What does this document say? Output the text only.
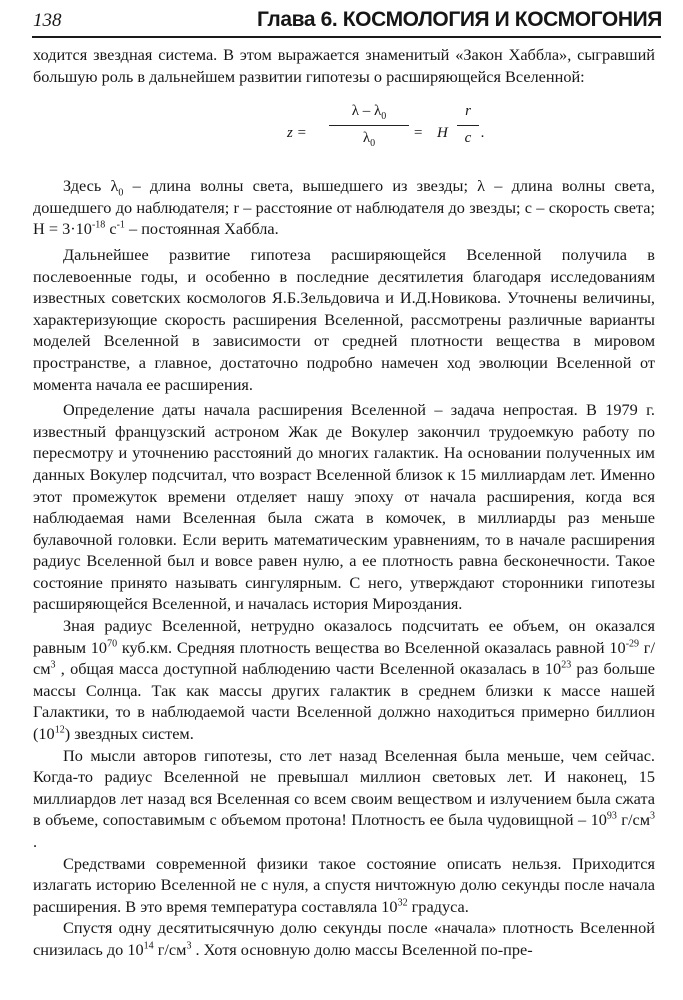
138	Глава 6. КОСМОЛОГИЯ И КОСМОГОНИЯ

ходится звездная система. В этом выражается знаменитый «Закон Хаббла», сыгравший большую роль в дальнейшем развитии гипотезы о расширяющейся Вселенной:

z =
λ – $\lambda_0$
$\lambda_0$
= H
r
c .

Здесь $\lambda_0$ – длина волны света, вышедшего из звезды; λ – длина волны света, дошедшего до наблюдателя; r – расстояние от наблюдателя до звезды; c – скорость света; $H = 3\cdot 10^{-18}$ $c^{-1}$ – постоянная Хаббла.

Дальнейшее развитие гипотеза расширяющейся Вселенной получила в послевоенные годы, и особенно в последние десятилетия благодаря исследованиям известных советских космологов Я.Б.Зельдовича и И.Д.Новикова. Уточнены величины, характеризующие скорость расширения Вселенной, рассмотрены различные варианты моделей Вселенной в зависимости от средней плотности вещества в мировом пространстве, а главное, достаточно подробно намечен ход эволюции Вселенной от момента начала ее расширения.

Определение даты начала расширения Вселенной – задача непростая. В 1979 г. известный французский астроном Жак де Вокулер закончил трудоемкую работу по пересмотру и уточнению расстояний до многих галактик. На основании полученных им данных Вокулер подсчитал, что возраст Вселенной близок к 15 миллиардам лет. Именно этот промежуток времени отделяет нашу эпоху от начала расширения, когда вся наблюдаемая нами Вселенная была сжата в комочек, в миллиарды раз меньше булавочной головки. Если верить математическим уравнениям, то в начале расширения радиус Вселенной был и вовсе равен нулю, а ее плотность равна бесконечности. Такое состояние принято называть сингулярным. С него, утверждают сторонники гипотезы расширяющейся Вселенной, и началась история Мироздания.

Зная радиус Вселенной, нетрудно оказалось подсчитать ее объем, он оказался равным $10^{70}$ куб.км. Средняя плотность вещества во Вселенной оказалась равной $10^{-29}$ $г/см^3$ , общая масса доступной наблюдению части Вселенной оказалась в $10^{23}$ раз больше массы Солнца. Так как массы других галактик в среднем близки к массе нашей Галактики, то в наблюдаемой части Вселенной должно находиться примерно биллион $(10^{12})$ звездных систем.

По мысли авторов гипотезы, сто лет назад Вселенная была меньше, чем сейчас. Когда-то радиус Вселенной не превышал миллион световых лет. И наконец, 15 миллиардов лет назад вся Вселенная со всем своим веществом и излучением была сжата в объеме, сопоставимым с объемом протона! Плотность ее была чудовищной – $10^{93}$ $г/см^3$ .

Средствами современной физики такое состояние описать нельзя. Приходится излагать историю Вселенной не с нуля, а спустя ничтожную долю секунды после начала расширения. В это время температура составляла $10^{32}$ градуса.

Спустя одну десятитысячную долю секунды после «начала» плотность Вселенной снизилась до $10^{14}$ $г/см^3$ . Хотя основную долю массы Вселенной по-пре-
